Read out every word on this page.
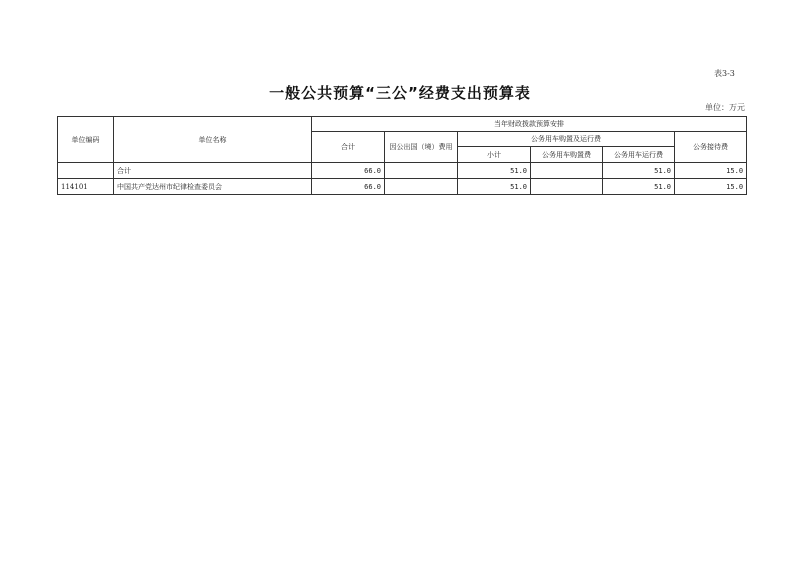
表3-3
一般公共预算“三公”经费支出预算表
单位：万元
单位编码	单位名称	当年财政拨款预算安排					
		合计	因公出国（境）费用	公务用车购置及运行费			公务接待费
				小计	公务用车购置费	公务用车运行费	
	合计	66.0		51.0		51.0	15.0
114101	中国共产党达州市纪律检查委员会	66.0		51.0		51.0	15.0
